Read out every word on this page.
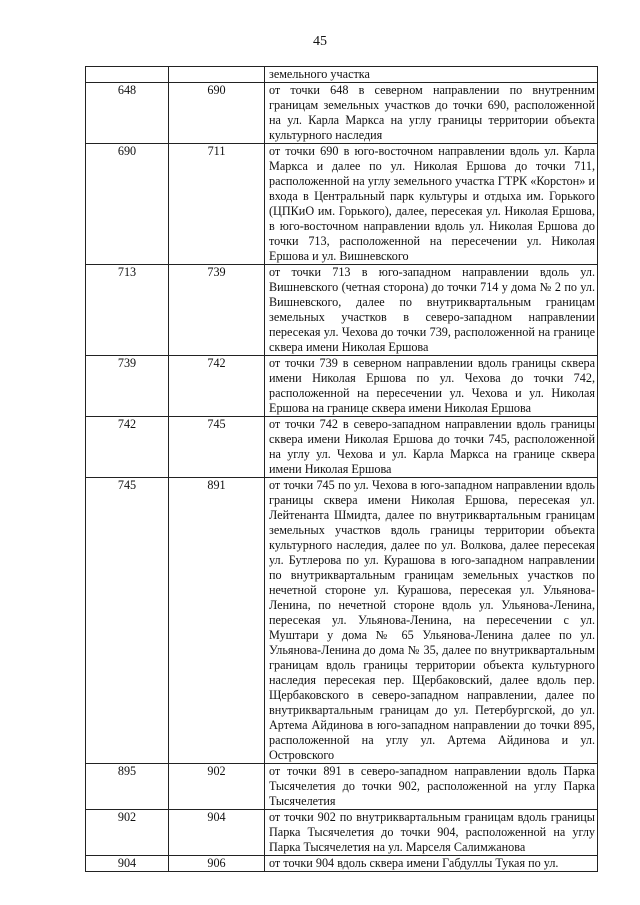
45
		земельного участка
648	690	от точки 648 в северном направлении по внутренним границам земельных участков до точки 690, расположенной на ул. Карла Маркса на углу границы территории объекта культурного наследия
690	711	от точки 690 в юго-восточном направлении вдоль ул. Карла Маркса и далее по ул. Николая Ершова до точки 711, расположенной на углу земельного участка ГТРК «Корстон» и входа в Центральный парк культуры и отдыха им. Горького (ЦПКиО им. Горького), далее, пересекая ул. Николая Ершова, в юго-восточном направлении вдоль ул. Николая Ершова до точки 713, расположенной на пересечении ул. Николая Ершова и ул. Вишневского
713	739	от точки 713 в юго-западном направлении вдоль ул. Вишневского (четная сторона) до точки 714 у дома № 2 по ул. Вишневского, далее по внутриквартальным границам земельных участков в северо-западном направлении пересекая ул. Чехова до точки 739, расположенной на границе сквера имени Николая Ершова
739	742	от точки 739 в северном направлении вдоль границы сквера имени Николая Ершова по ул. Чехова до точки 742, расположенной на пересечении ул. Чехова и ул. Николая Ершова на границе сквера имени Николая Ершова
742	745	от точки 742 в северо-западном направлении вдоль границы сквера имени Николая Ершова до точки 745, расположенной на углу ул. Чехова и ул. Карла Маркса на границе сквера имени Николая Ершова
745	891	от точки 745 по ул. Чехова в юго-западном направлении вдоль границы сквера имени Николая Ершова, пересекая ул. Лейтенанта Шмидта, далее по внутриквартальным границам земельных участков вдоль границы территории объекта культурного наследия, далее по ул. Волкова, далее пересекая ул. Бутлерова по ул. Курашова в юго-западном направлении по внутриквартальным границам земельных участков по нечетной стороне ул. Курашова, пересекая ул. Ульянова-Ленина, по нечетной стороне вдоль ул. Ульянова-Ленина, пересекая ул. Ульянова-Ленина, на пересечении с ул. Муштари у дома № 65 Ульянова-Ленина далее по ул. Ульянова-Ленина до дома № 35, далее по внутриквартальным границам вдоль границы территории объекта культурного наследия пересекая пер. Щербаковский, далее вдоль пер. Щербаковского в северо-западном направлении, далее по внутриквартальным границам до ул. Петербургской, до ул. Артема Айдинова в юго-западном направлении до точки 895, расположенной на углу ул. Артема Айдинова и ул. Островского
895	902	от точки 891 в северо-западном направлении вдоль Парка Тысячелетия до точки 902, расположенной на углу Парка Тысячелетия
902	904	от точки 902 по внутриквартальным границам вдоль границы Парка Тысячелетия до точки 904, расположенной на углу Парка Тысячелетия на ул. Марселя Салимжанова
904	906	от точки 904 вдоль сквера имени Габдуллы Тукая по ул.
